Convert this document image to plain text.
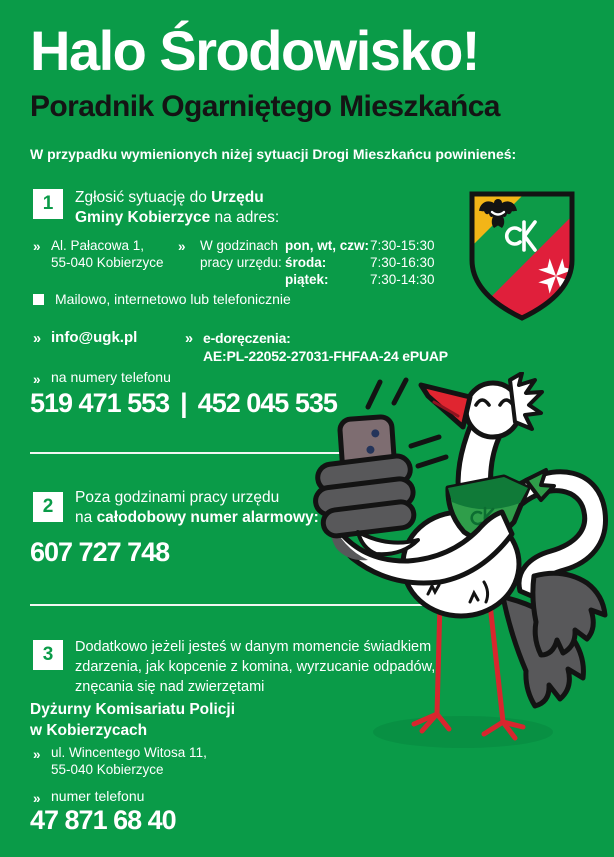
Halo Środowisko!
Poradnik Ogarniętego Mieszkańca
W przypadku wymienionych niżej sytuacji Drogi Mieszkańcu powinieneś:
1 Zgłosić sytuację do Urzędu
Gminy Kobierzyce na adres:
» Al. Pałacowa 1,
55-040 Kobierzyce
» W godzinach
pracy urzędu:
pon, wt, czw: 7:30-15:30
środa:	7:30-16:30
piątek:	7:30-14:30
Mailowo, internetowo lub telefonicznie
» info@ugk.pl	» e-doręczenia:
AE:PL-22052-27031-FHFAA-24 ePUAP
» na numery telefonu
519 471 553 | 452 045 535
2 Poza godzinami pracy urzędu
na całodobowy numer alarmowy:
607 727 748
3 Dodatkowo jeżeli jesteś w danym momencie świadkiem
zdarzenia, jak kopcenie z komina, wyrzucanie odpadów,
znęcania się nad zwierzętami
Dyżurny Komisariatu Policji
w Kobierzycach
» ul. Wincentego Witosa 11,
55-040 Kobierzyce
» numer telefonu
47 871 68 40
